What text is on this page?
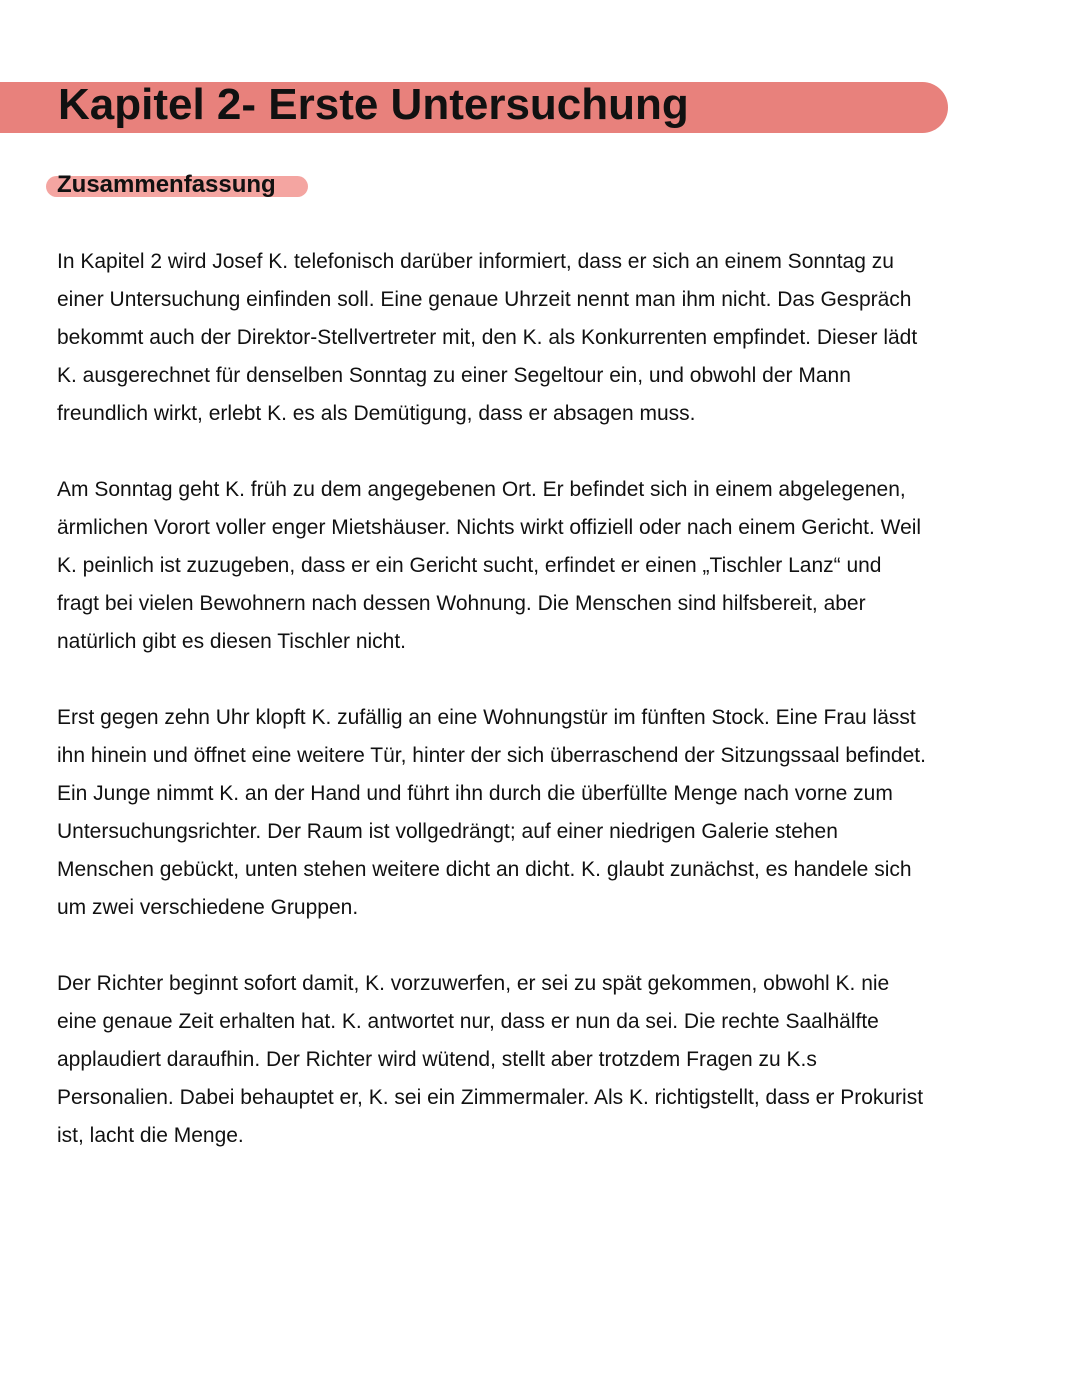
Kapitel 2- Erste Untersuchung
Zusammenfassung

In Kapitel 2 wird Josef K. telefonisch darüber informiert, dass er sich an einem Sonntag zu
einer Untersuchung einfinden soll. Eine genaue Uhrzeit nennt man ihm nicht. Das Gespräch
bekommt auch der Direktor-Stellvertreter mit, den K. als Konkurrenten empfindet. Dieser lädt
K. ausgerechnet für denselben Sonntag zu einer Segeltour ein, und obwohl der Mann
freundlich wirkt, erlebt K. es als Demütigung, dass er absagen muss.

Am Sonntag geht K. früh zu dem angegebenen Ort. Er befindet sich in einem abgelegenen,
ärmlichen Vorort voller enger Mietshäuser. Nichts wirkt offiziell oder nach einem Gericht. Weil
K. peinlich ist zuzugeben, dass er ein Gericht sucht, erfindet er einen „Tischler Lanz“ und
fragt bei vielen Bewohnern nach dessen Wohnung. Die Menschen sind hilfsbereit, aber
natürlich gibt es diesen Tischler nicht.

Erst gegen zehn Uhr klopft K. zufällig an eine Wohnungstür im fünften Stock. Eine Frau lässt
ihn hinein und öffnet eine weitere Tür, hinter der sich überraschend der Sitzungssaal befindet.
Ein Junge nimmt K. an der Hand und führt ihn durch die überfüllte Menge nach vorne zum
Untersuchungsrichter. Der Raum ist vollgedrängt; auf einer niedrigen Galerie stehen
Menschen gebückt, unten stehen weitere dicht an dicht. K. glaubt zunächst, es handele sich
um zwei verschiedene Gruppen.

Der Richter beginnt sofort damit, K. vorzuwerfen, er sei zu spät gekommen, obwohl K. nie
eine genaue Zeit erhalten hat. K. antwortet nur, dass er nun da sei. Die rechte Saalhälfte
applaudiert daraufhin. Der Richter wird wütend, stellt aber trotzdem Fragen zu K.s
Personalien. Dabei behauptet er, K. sei ein Zimmermaler. Als K. richtigstellt, dass er Prokurist
ist, lacht die Menge.
